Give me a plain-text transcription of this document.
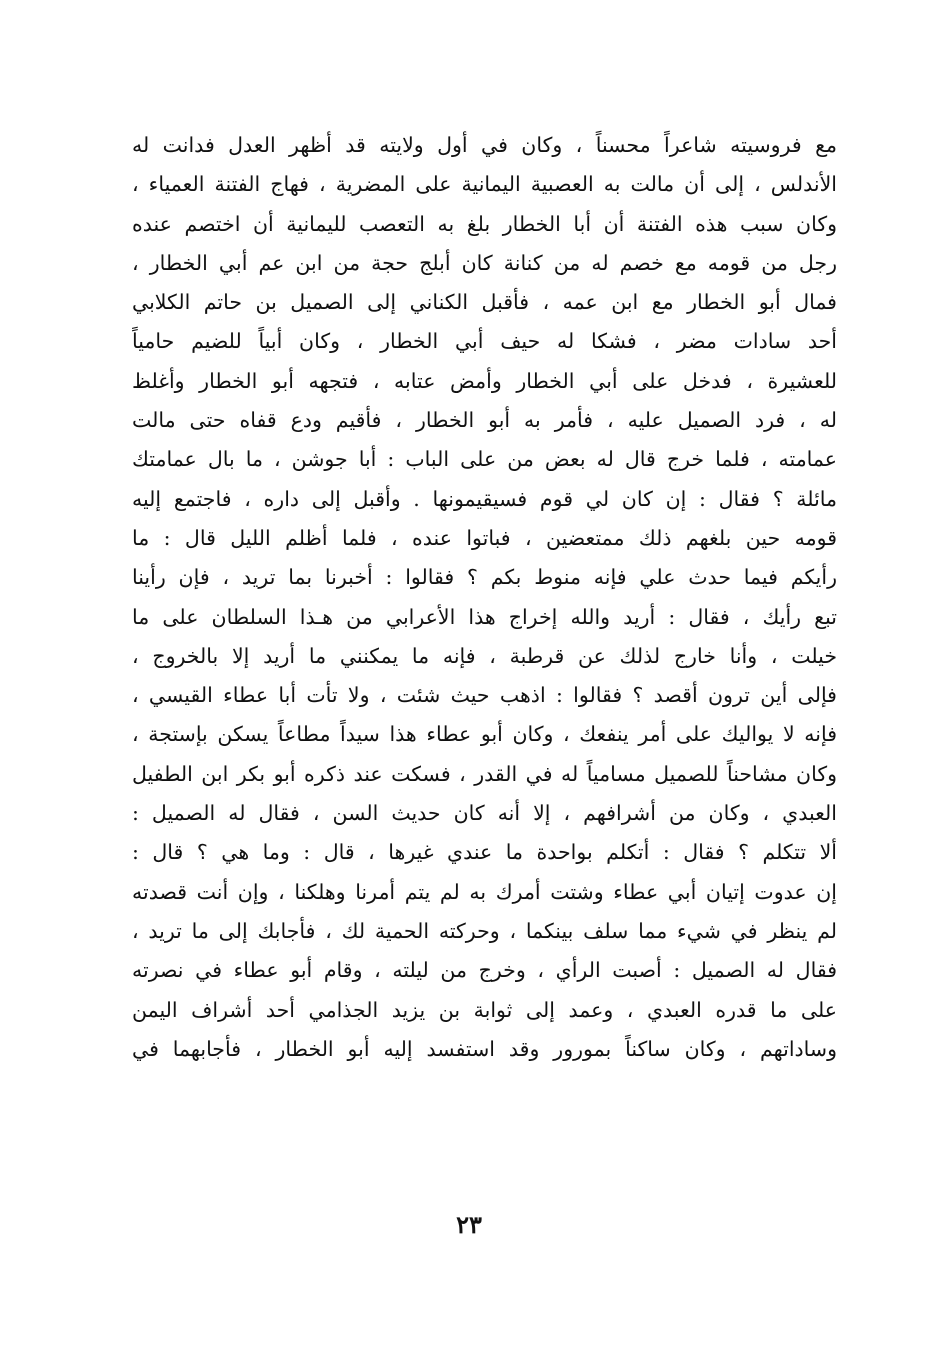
مع فروسيته شاعراً محسناً ، وكان في أول ولايته قد أظهر العدل فدانت له
الأندلس ، إلى أن مالت به العصبية اليمانية على المضرية ، فهاج الفتنة العمياء ،
وكان سبب هذه الفتنة أن أبا الخطار بلغ به التعصب لليمانية أن اختصم عنده
رجل من قومه مع خصم له من كنانة كان أبلج حجة من ابن عم أبي الخطار ،
فمال أبو الخطار مع ابن عمه ، فأقبل الكناني إلى الصميل بن حاتم الكلابي
أحد سادات مضر ، فشكا له حيف أبي الخطار ، وكان أبياً للضيم حامياً
للعشيرة ، فدخل على أبي الخطار وأمض عتابه ، فتجهه أبو الخطار وأغلظ
له ، فرد الصميل عليه ، فأمر به أبو الخطار ، فأقيم ودع قفاه حتى مالت
عمامته ، فلما خرج قال له بعض من على الباب : أبا جوشن ، ما بال عمامتك
مائلة ؟ فقال : إن كان لي قوم فسيقيمونها . وأقبل إلى داره ، فاجتمع إليه
قومه حين بلغهم ذلك ممتعضين ، فباتوا عنده ، فلما أظلم الليل قال : ما
رأيكم فيما حدث علي فإنه منوط بكم ؟ فقالوا : أخبرنا بما تريد ، فإن رأينا
تبع رأيك ، فقال : أريد والله إخراج هذا الأعرابي من هـذا السلطان على ما
خيلت ، وأنا خارج لذلك عن قرطبة ، فإنه ما يمكنني ما أريد إلا بالخروج ،
فإلى أين ترون أقصد ؟ فقالوا : اذهب حيث شئت ، ولا تأت أبا عطاء القيسي ،
فإنه لا يواليك على أمر ينفعك ، وكان أبو عطاء هذا سيداً مطاعاً يسكن بإستجة ،
وكان مشاحناً للصميل مسامياً له في القدر ، فسكت عند ذكره أبو بكر ابن الطفيل
العبدي ، وكان من أشرافهم ، إلا أنه كان حديث السن ، فقال له الصميل :
ألا تتكلم ؟ فقال : أتكلم بواحدة ما عندي غيرها ، قال : وما هي ؟ قال :
إن عدوت إتيان أبي عطاء وشتت أمرك به لم يتم أمرنا وهلكنا ، وإن أنت قصدته
لم ينظر في شيء مما سلف بينكما ، وحركته الحمية لك ، فأجابك إلى ما تريد ،
فقال له الصميل : أصبت الرأي ، وخرج من ليلته ، وقام أبو عطاء في نصرته
على ما قدره العبدي ، وعمد إلى ثوابة بن يزيد الجذامي أحد أشراف اليمن
وساداتهم ، وكان ساكناً بمورور وقد استفسد إليه أبو الخطار ، فأجابهما في
٢٣
